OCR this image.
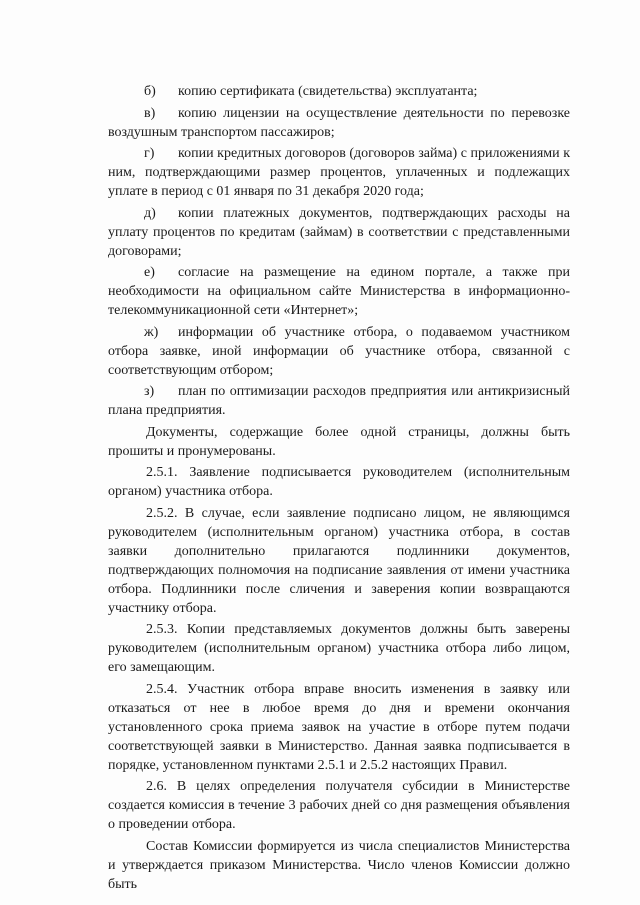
б) копию сертификата (свидетельства) эксплуатанта;

в) копию лицензии на осуществление деятельности по перевозке воздушным транспортом пассажиров;

г) копии кредитных договоров (договоров займа) с приложениями к ним, подтверждающими размер процентов, уплаченных и подлежащих уплате в период с 01 января по 31 декабря 2020 года;

д) копии платежных документов, подтверждающих расходы на уплату процентов по кредитам (займам) в соответствии с представленными договорами;

е) согласие на размещение на едином портале, а также при необходимости на официальном сайте Министерства в информационно-телекоммуникационной сети «Интернет»;

ж) информации об участнике отбора, о подаваемом участником отбора заявке, иной информации об участнике отбора, связанной с соответствующим отбором;

з) план по оптимизации расходов предприятия или антикризисный плана предприятия.

Документы, содержащие более одной страницы, должны быть прошиты и пронумерованы.

2.5.1. Заявление подписывается руководителем (исполнительным органом) участника отбора.

2.5.2. В случае, если заявление подписано лицом, не являющимся руководителем (исполнительным органом) участника отбора, в состав заявки дополнительно прилагаются подлинники документов, подтверждающих полномочия на подписание заявления от имени участника отбора. Подлинники после сличения и заверения копии возвращаются участнику отбора.

2.5.3. Копии представляемых документов должны быть заверены руководителем (исполнительным органом) участника отбора либо лицом, его замещающим.

2.5.4. Участник отбора вправе вносить изменения в заявку или отказаться от нее в любое время до дня и времени окончания установленного срока приема заявок на участие в отборе путем подачи соответствующей заявки в Министерство. Данная заявка подписывается в порядке, установленном пунктами 2.5.1 и 2.5.2 настоящих Правил.

2.6. В целях определения получателя субсидии в Министерстве создается комиссия в течение 3 рабочих дней со дня размещения объявления о проведении отбора.

Состав Комиссии формируется из числа специалистов Министерства и утверждается приказом Министерства. Число членов Комиссии должно быть
